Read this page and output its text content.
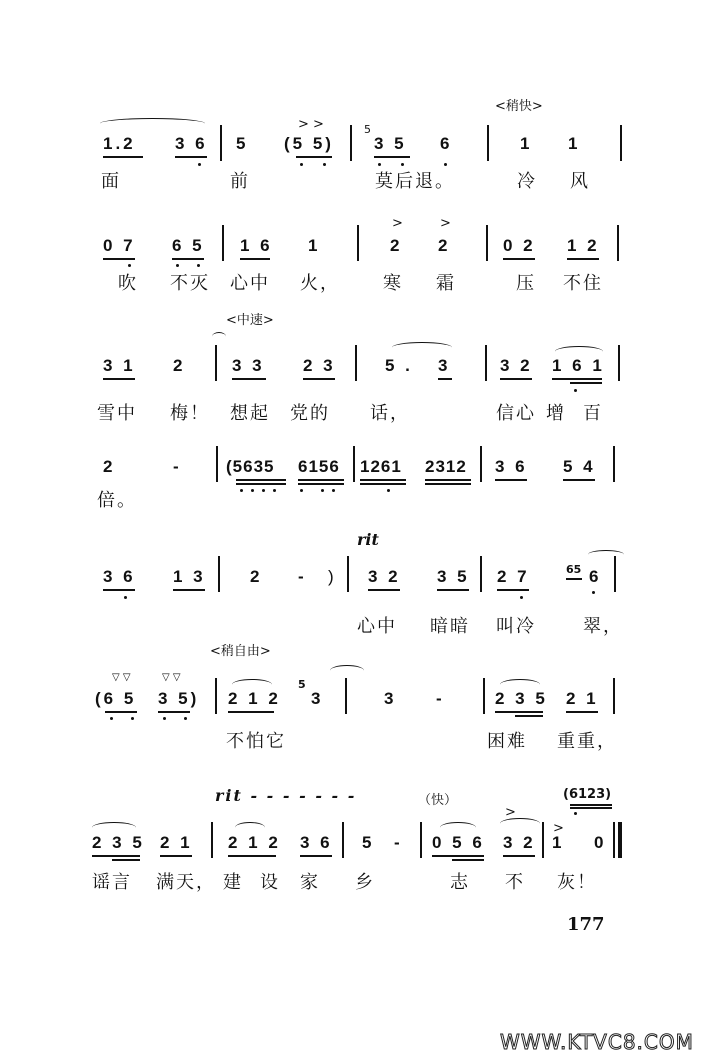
<稍快>
> >
1.2 3 6 5 (5 5)
5
3 5 6	1 1
面	前	莫后退。	冷 风
>	>
0 7 6 5 1 6 1	2 2	0 2 1 2
吹 不灭 心中 火， 寒 霜	压 不住
<中速>
3 1 2	3 3 2 3	5 . 3	3 2 1 6 1
雪中 梅！ 想起 党的 话，	信心 增 百
2	-	(5635 6156 1261 2312 3 6 5 4
倍。
rit
3 6 1 3	2 - ) 3 2 3 5 2 7	65 6
心中 暗暗 叫冷	翠，
<稍自由>
▽ ▽	▽ ▽
(6 5 3 5) 2 1 2
5
3	3 -	2 3 5 2 1
不怕它	困难 重重，
rit - - - - - - -	（快）	(6123)
>
>
2 3 5 2 1 2 1 2 3 6 5 - 0 5 6 3 2 1 0
谣言 满天， 建 设 家 乡	志 不 灰！
177
WWW.KTVC8.COM
